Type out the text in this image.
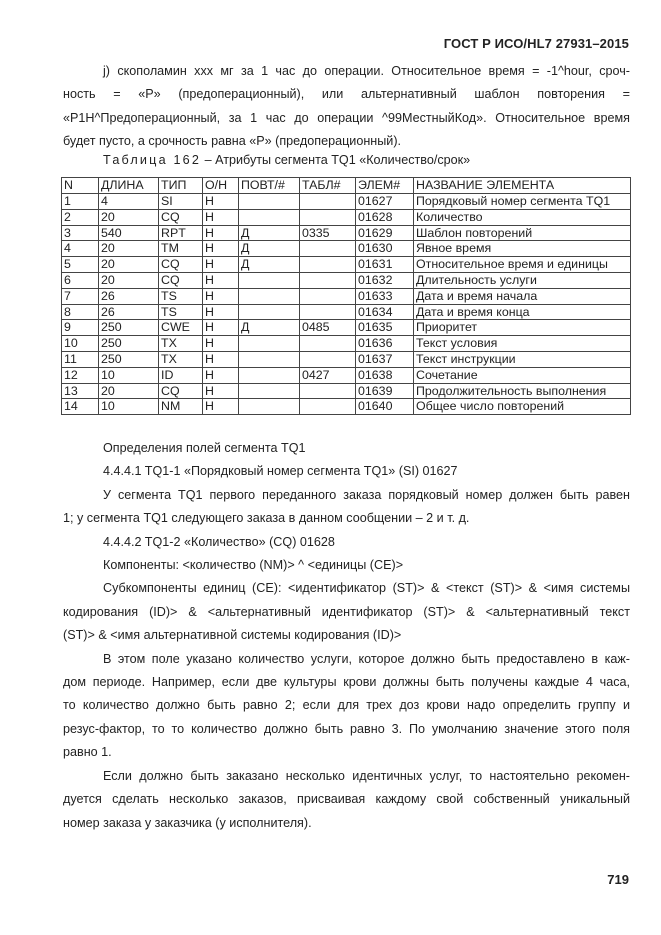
ГОСТ Р ИСО/HL7 27931–2015

j) скополамин ххх мг за 1 час до операции. Относительное время = -1^hour, сроч-

ность = «P» (предоперационный), или альтернативный шаблон повторения =

«P1H^Предоперационный, за 1 час до операции ^99МестныйКод». Относительное время

будет пусто, а срочность равна «P» (предоперационный).

Таблица 162 – Атрибуты сегмента TQ1 «Количество/срок»
N	ДЛИНА	ТИП	О/Н	ПОВТ/#	ТАБЛ#	ЭЛЕМ#	НАЗВАНИЕ ЭЛЕМЕНТА
1	4	SI	Н			01627	Порядковый номер сегмента TQ1
2	20	CQ	Н			01628	Количество
3	540	RPT	Н	Д	0335	01629	Шаблон повторений
4	20	TM	Н	Д		01630	Явное время
5	20	CQ	Н	Д		01631	Относительное время и единицы
6	20	CQ	Н			01632	Длительность услуги
7	26	TS	Н			01633	Дата и время начала
8	26	TS	Н			01634	Дата и время конца
9	250	CWE	Н	Д	0485	01635	Приоритет
10	250	TX	Н			01636	Текст условия
11	250	TX	Н			01637	Текст инструкции
12	10	ID	Н		0427	01638	Сочетание
13	20	CQ	Н			01639	Продолжительность выполнения
14	10	NM	Н			01640	Общее число повторений

Определения полей сегмента TQ1

4.4.4.1 TQ1-1 «Порядковый номер сегмента TQ1» (SI) 01627

У сегмента TQ1 первого переданного заказа порядковый номер должен быть равен

1; у сегмента TQ1 следующего заказа в данном сообщении – 2 и т. д.

4.4.4.2 TQ1-2 «Количество» (CQ) 01628

Компоненты: <количество (NM)> ^ <единицы (CE)>

Субкомпоненты единиц (CE): <идентификатор (ST)> & <текст (ST)> & <имя системы

кодирования (ID)> & <альтернативный идентификатор (ST)> & <альтернативный текст

(ST)> & <имя альтернативной системы кодирования (ID)>

В этом поле указано количество услуги, которое должно быть предоставлено в каж-

дом периоде. Например, если две культуры крови должны быть получены каждые 4 часа,

то количество должно быть равно 2; если для трех доз крови надо определить группу и

резус-фактор, то то количество должно быть равно 3. По умолчанию значение этого поля

равно 1.

Если должно быть заказано несколько идентичных услуг, то настоятельно рекомен-

дуется сделать несколько заказов, присваивая каждому свой собственный уникальный

номер заказа у заказчика (у исполнителя).

719
